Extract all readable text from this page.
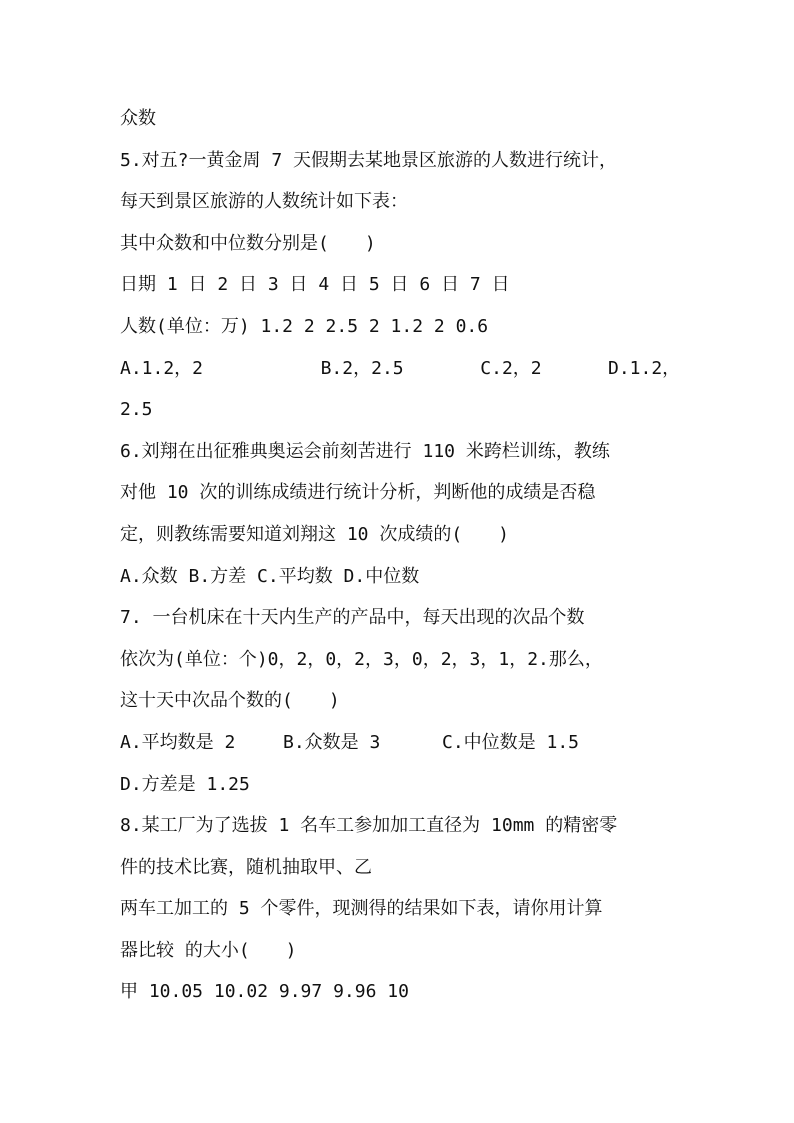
众数
5.对五?一黄金周 7 天假期去某地景区旅游的人数进行统计，
每天到景区旅游的人数统计如下表：
其中众数和中位数分别是(　　)
日期 1 日 2 日 3 日 4 日 5 日 6 日 7 日
人数(单位：万) 1.2 2 2.5 2 1.2 2 0.6
A.1.2，2	B.2，2.5	C.2，2	D.1.2，
2.5
6.刘翔在出征雅典奥运会前刻苦进行 110 米跨栏训练，教练
对他 10 次的训练成绩进行统计分析，判断他的成绩是否稳
定，则教练需要知道刘翔这 10 次成绩的(　　)
A.众数 B.方差 C.平均数 D.中位数
7. 一台机床在十天内生产的产品中，每天出现的次品个数
依次为(单位：个)0，2，0，2，3，0，2，3，1，2.那么，
这十天中次品个数的(　　)
A.平均数是 2	B.众数是 3	C.中位数是 1.5
D.方差是 1.25
8.某工厂为了选拔 1 名车工参加加工直径为 10mm 的精密零
件的技术比赛，随机抽取甲、乙
两车工加工的 5 个零件，现测得的结果如下表，请你用计算
器比较 的大小(　　)
甲 10.05 10.02 9.97 9.96 10
